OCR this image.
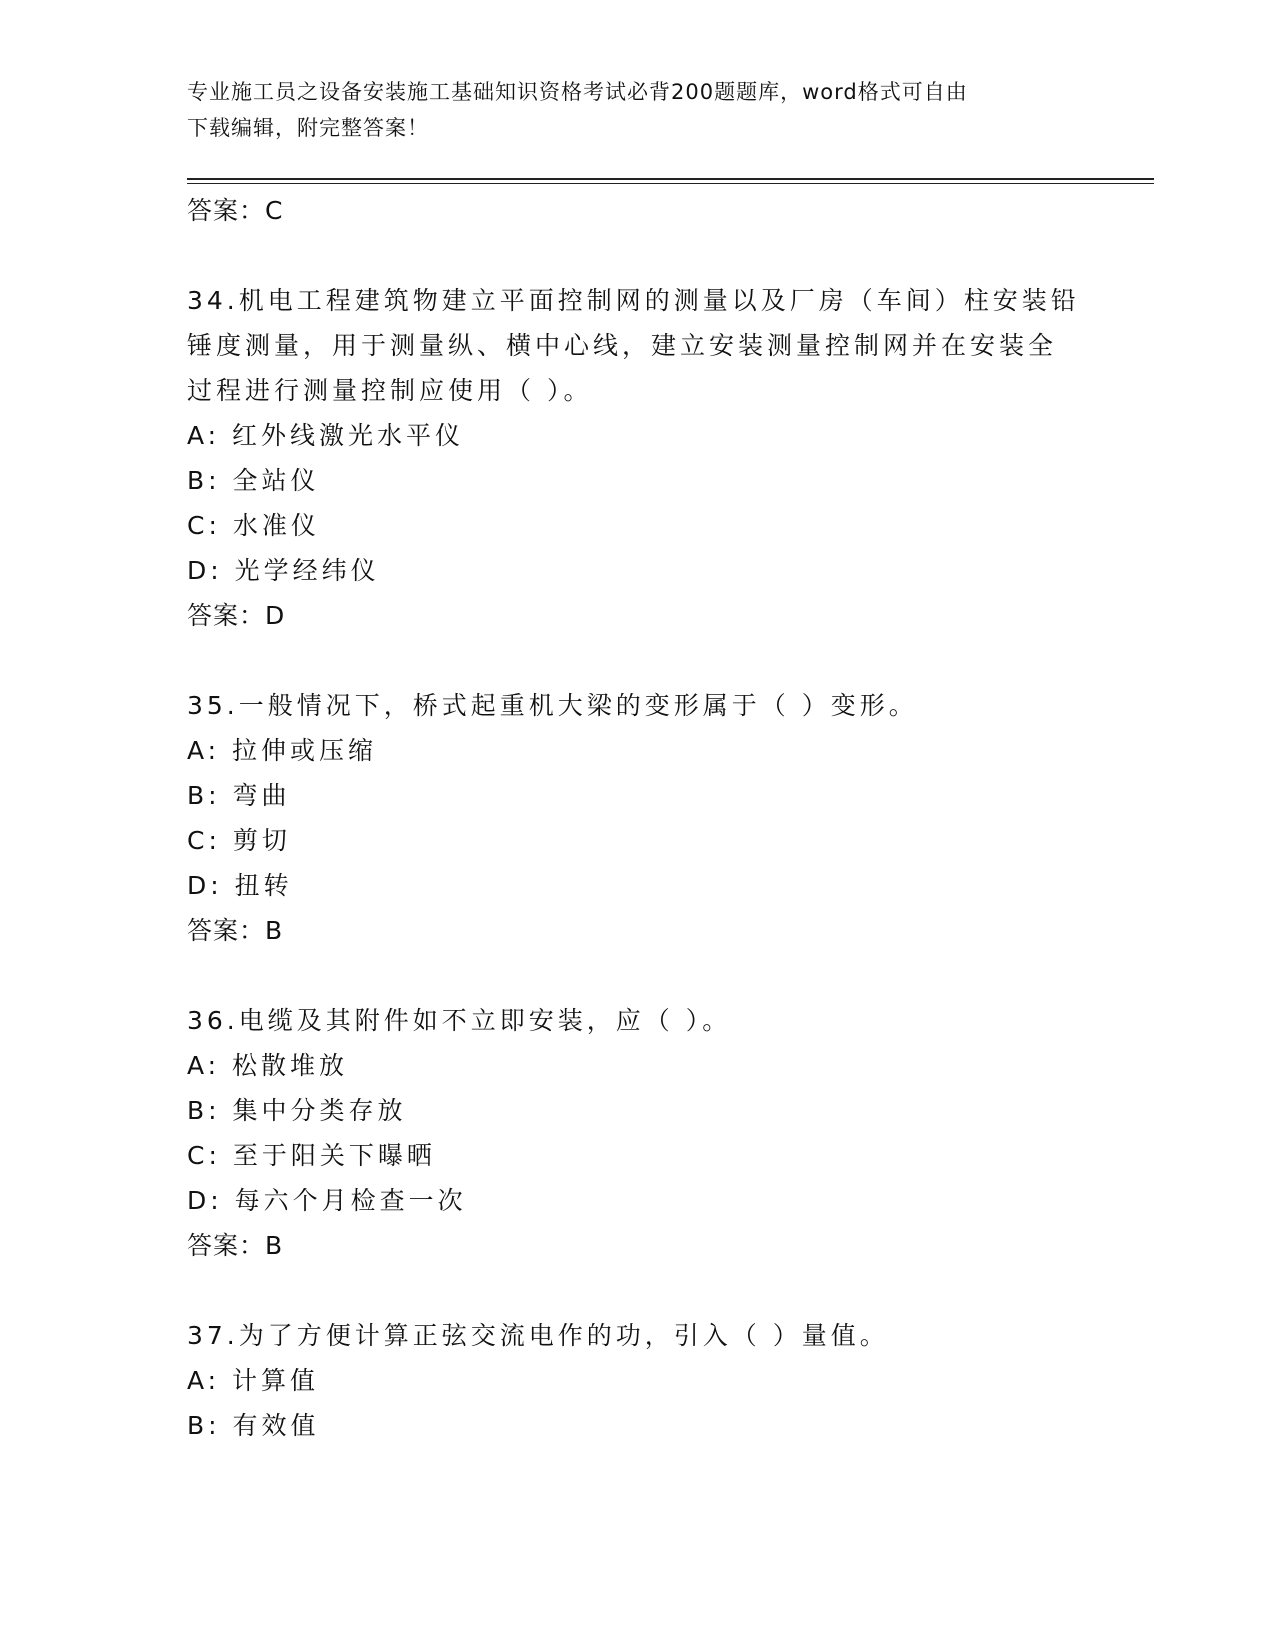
专业施工员之设备安装施工基础知识资格考试必背200题题库，word格式可自由
下载编辑，附完整答案！
答案：C
34.机电工程建筑物建立平面控制网的测量以及厂房（车间）柱安装铅
锤度测量，用于测量纵、横中心线，建立安装测量控制网并在安装全
过程进行测量控制应使用（ ）。
A: 红外线激光水平仪
B: 全站仪
C: 水准仪
D: 光学经纬仪
答案：D
35.一般情况下，桥式起重机大梁的变形属于（ ）变形。
A: 拉伸或压缩
B: 弯曲
C: 剪切
D: 扭转
答案：B
36.电缆及其附件如不立即安装，应（ ）。
A: 松散堆放
B: 集中分类存放
C: 至于阳关下曝晒
D: 每六个月检查一次
答案：B
37.为了方便计算正弦交流电作的功，引入（ ）量值。
A: 计算值
B: 有效值
